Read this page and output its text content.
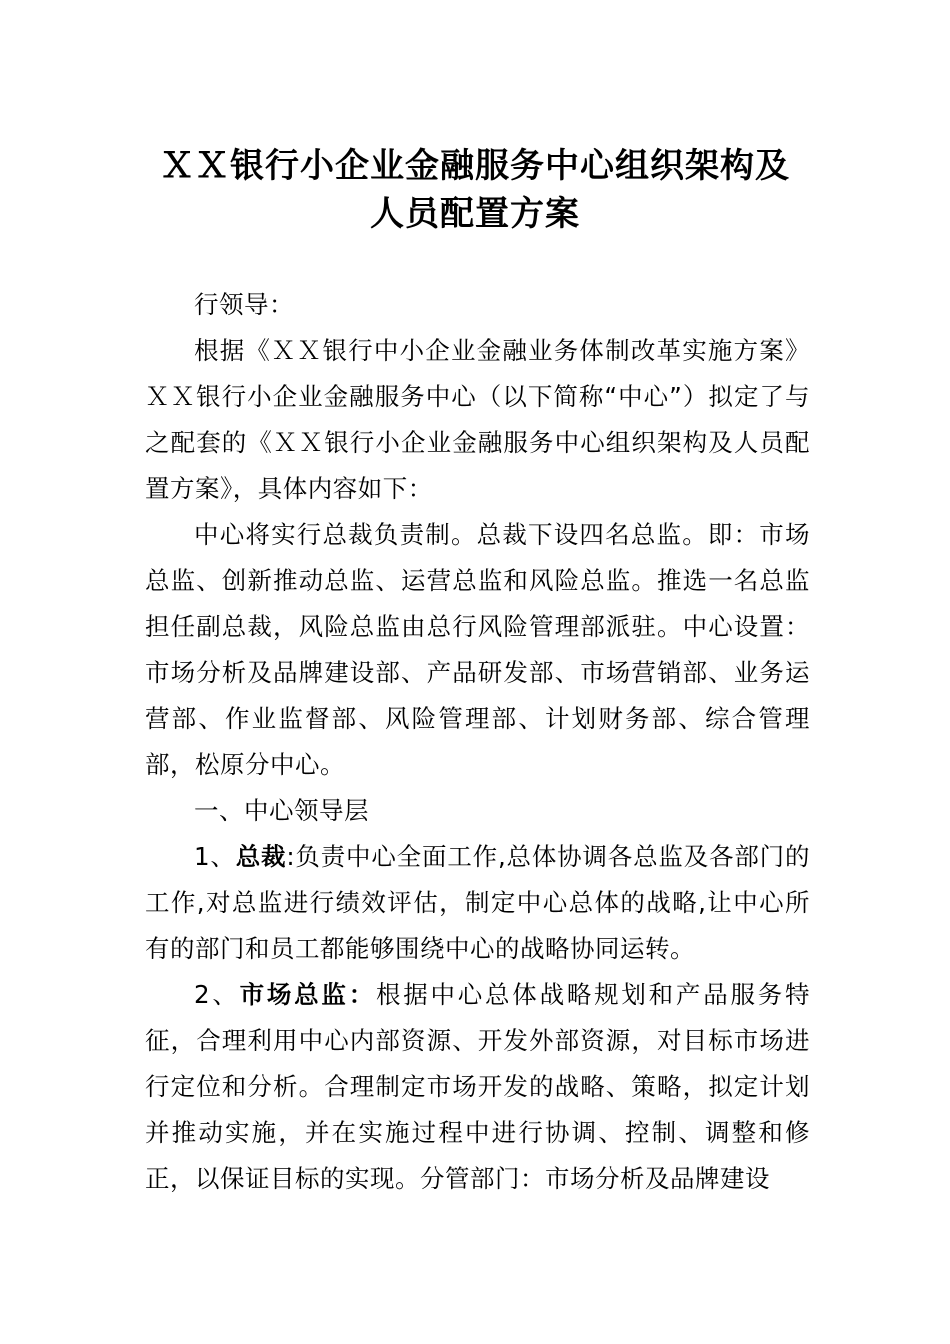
ＸＸ银行小企业金融服务中心组织架构及
人员配置方案
行领导：
根据《ＸＸ银行中小企业金融业务体制改革实施方案》ＸＸ银行小企业金融服务中心（以下简称“中心”）拟定了与之配套的《ＸＸ银行小企业金融服务中心组织架构及人员配置方案》，具体内容如下：
中心将实行总裁负责制。总裁下设四名总监。即：市场总监、创新推动总监、运营总监和风险总监。推选一名总监担任副总裁，风险总监由总行风险管理部派驻。中心设置：市场分析及品牌建设部、产品研发部、市场营销部、业务运营部、作业监督部、风险管理部、计划财务部、综合管理部，松原分中心。
一、中心领导层
1、总裁:负责中心全面工作,总体协调各总监及各部门的工作,对总监进行绩效评估，制定中心总体的战略,让中心所有的部门和员工都能够围绕中心的战略协同运转。
2、市场总监：根据中心总体战略规划和产品服务特征，合理利用中心内部资源、开发外部资源，对目标市场进行定位和分析。合理制定市场开发的战略、策略，拟定计划并推动实施，并在实施过程中进行协调、控制、调整和修正，以保证目标的实现。分管部门：市场分析及品牌建设
